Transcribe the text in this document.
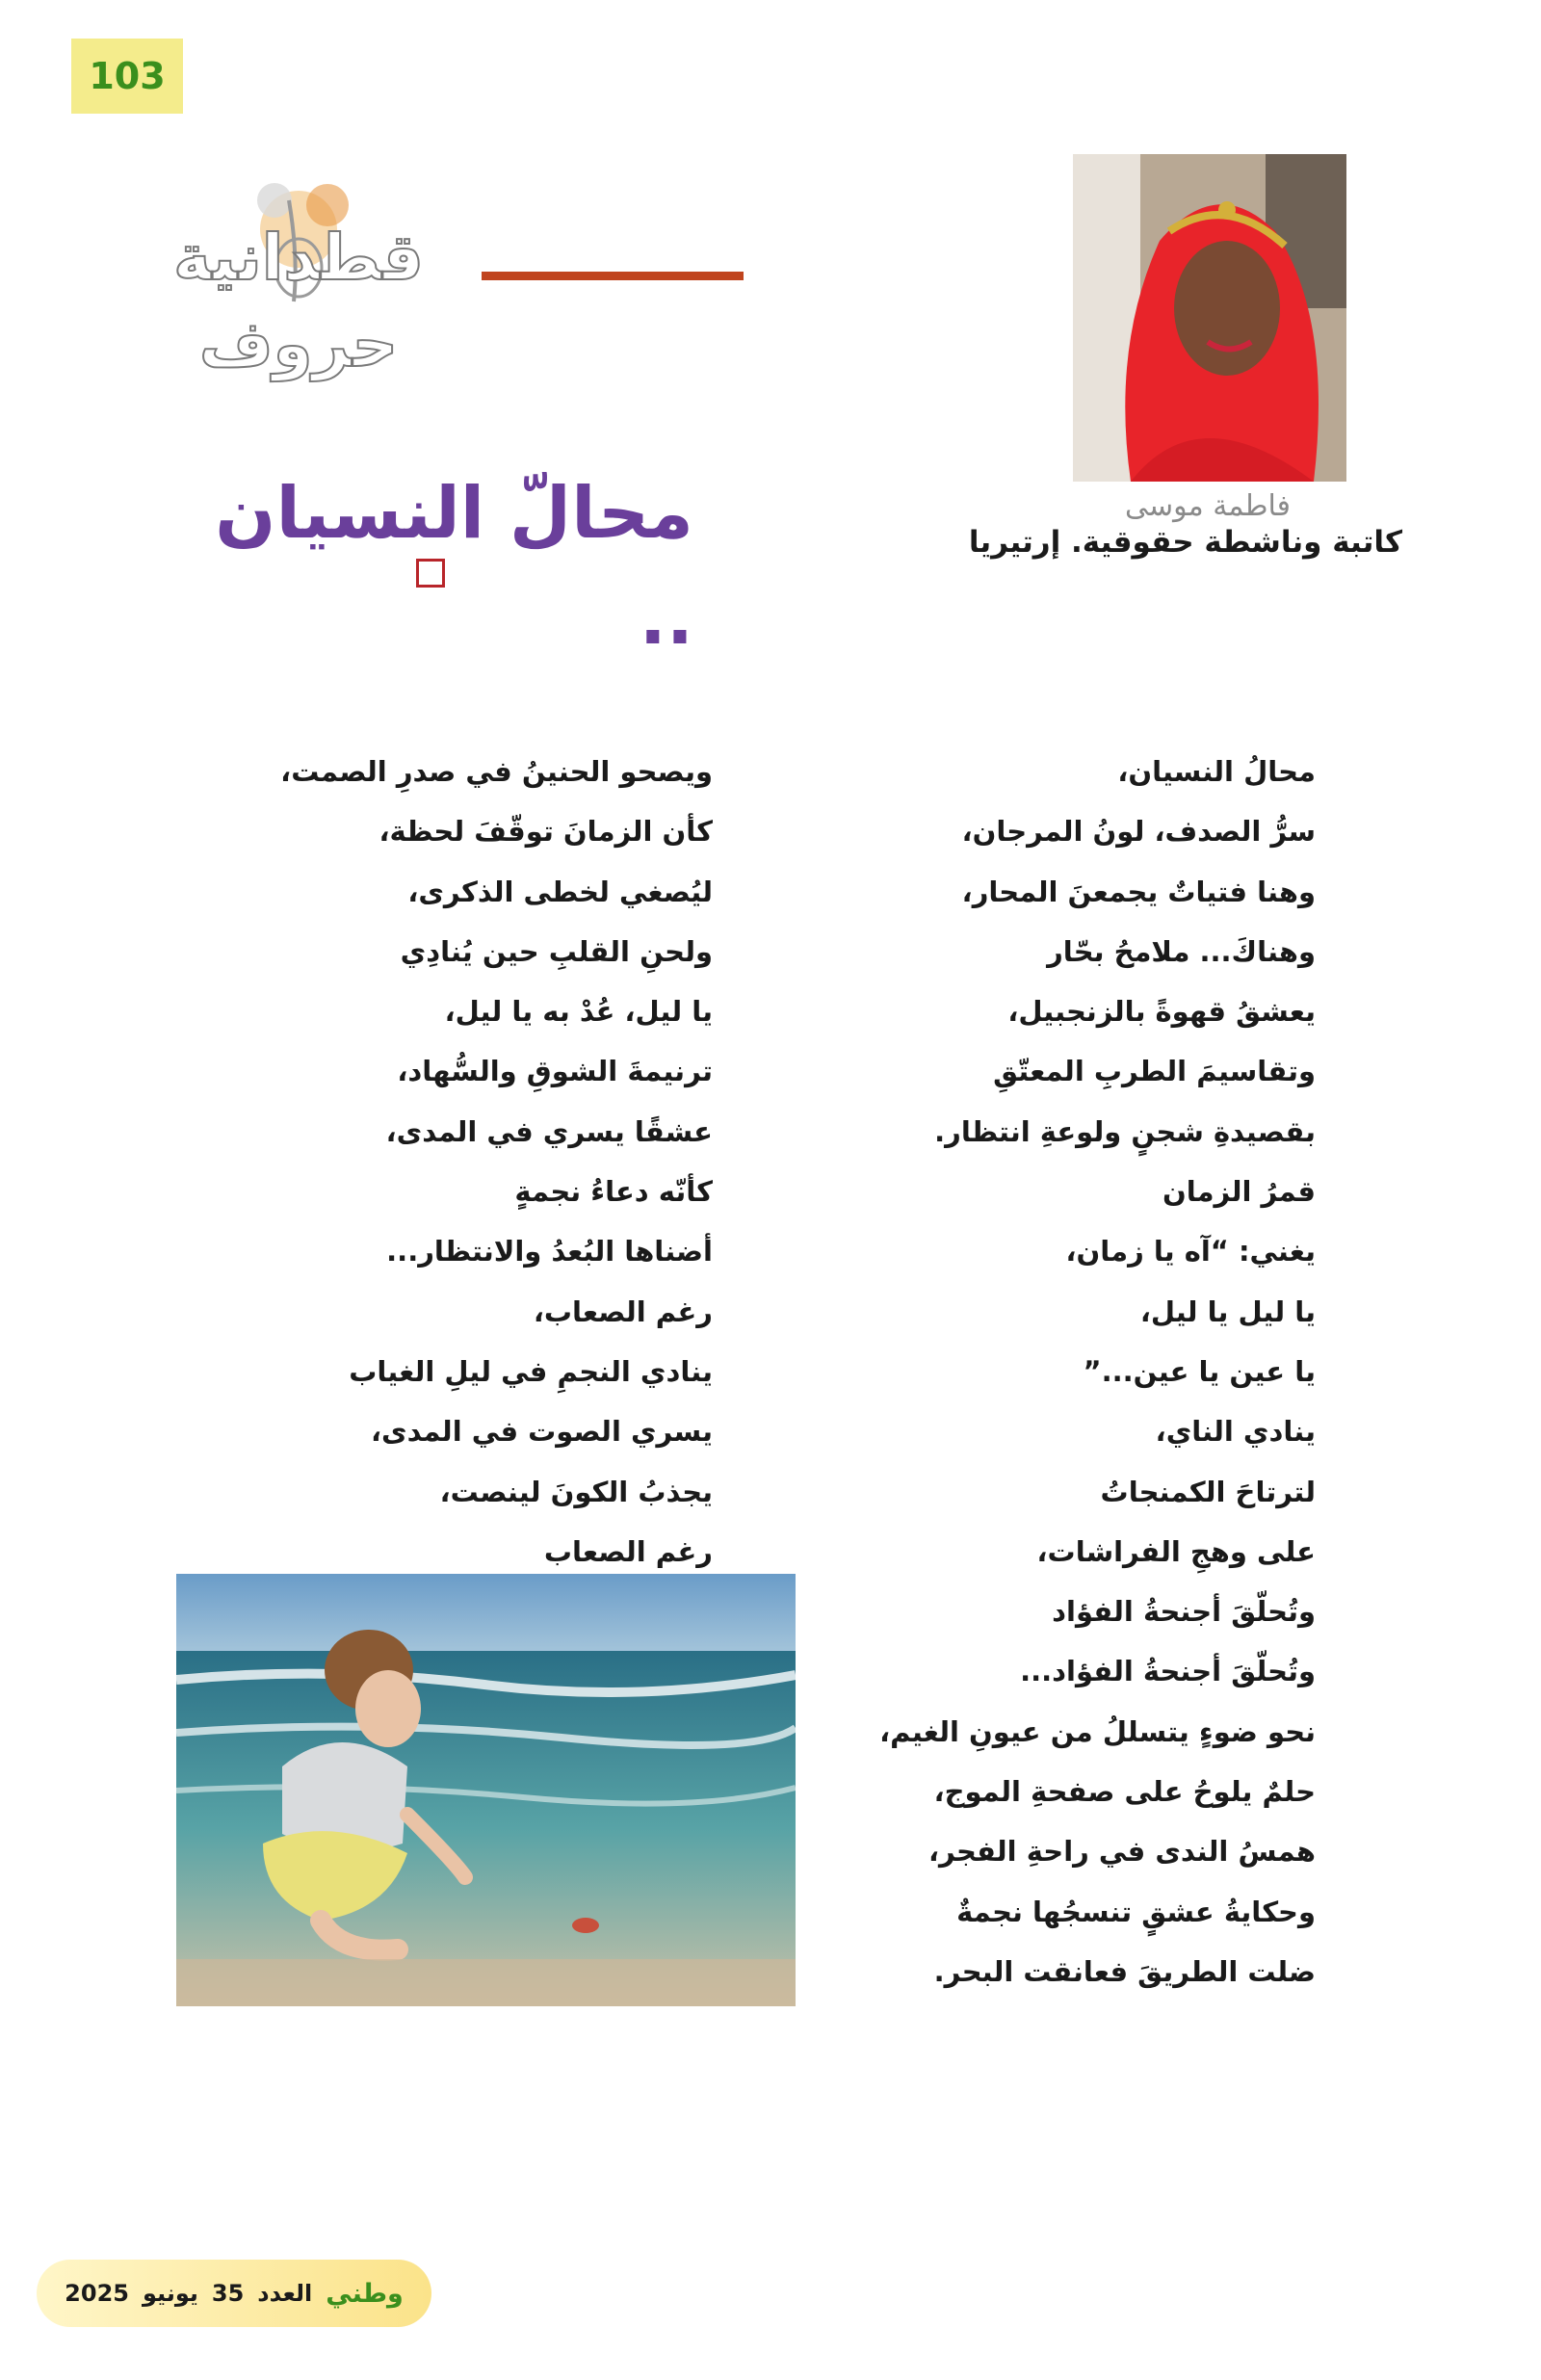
103
قطدانية حروف
فاطمة موسى
كاتبة وناشطة حقوقية. إرتيريا
محالّ النسيان ..
محالُ النسيان،
سرُّ الصدف، لونُ المرجان،
وهنا فتياتٌ يجمعنَ المحار،
وهناكَ... ملامحُ بحّار
يعشقُ قهوةً بالزنجبيل،
وتقاسيمَ الطربِ المعتّقِ
بقصيدةِ شجنٍ ولوعةِ انتظار.
قمرُ الزمان
يغني: “آه يا زمان،
يا ليل يا ليل،
يا عين يا عين...”
ينادي الناي،
لترتاحَ الكمنجاتُ
على وهجِ الفراشات،
وتُحلّقَ أجنحةُ الفؤاد
وتُحلّقَ أجنحةُ الفؤاد...
نحو ضوءٍ يتسللُ من عيونِ الغيم،
حلمٌ يلوحُ على صفحةِ الموج،
همسُ الندى في راحةِ الفجر،
وحكايةُ عشقٍ تنسجُها نجمةٌ
ضلت الطريقَ فعانقت البحر.
ويصحو الحنينُ في صدرِ الصمت،
كأن الزمانَ توقّفَ لحظة،
ليُصغي لخطى الذكرى،
ولحنِ القلبِ حين يُنادِي
يا ليل، عُدْ به يا ليل،
ترنيمةَ الشوقِ والسُّهاد،
عشقًا يسري في المدى،
كأنّه دعاءُ نجمةٍ
أضناها البُعدُ والانتظار...
رغم الصعاب،
ينادي النجمِ في ليلِ الغياب
يسري الصوت في المدى،
يجذبُ الكونَ لينصت،
رغم الصعاب
2025 يونيو 35 العدد وطني
